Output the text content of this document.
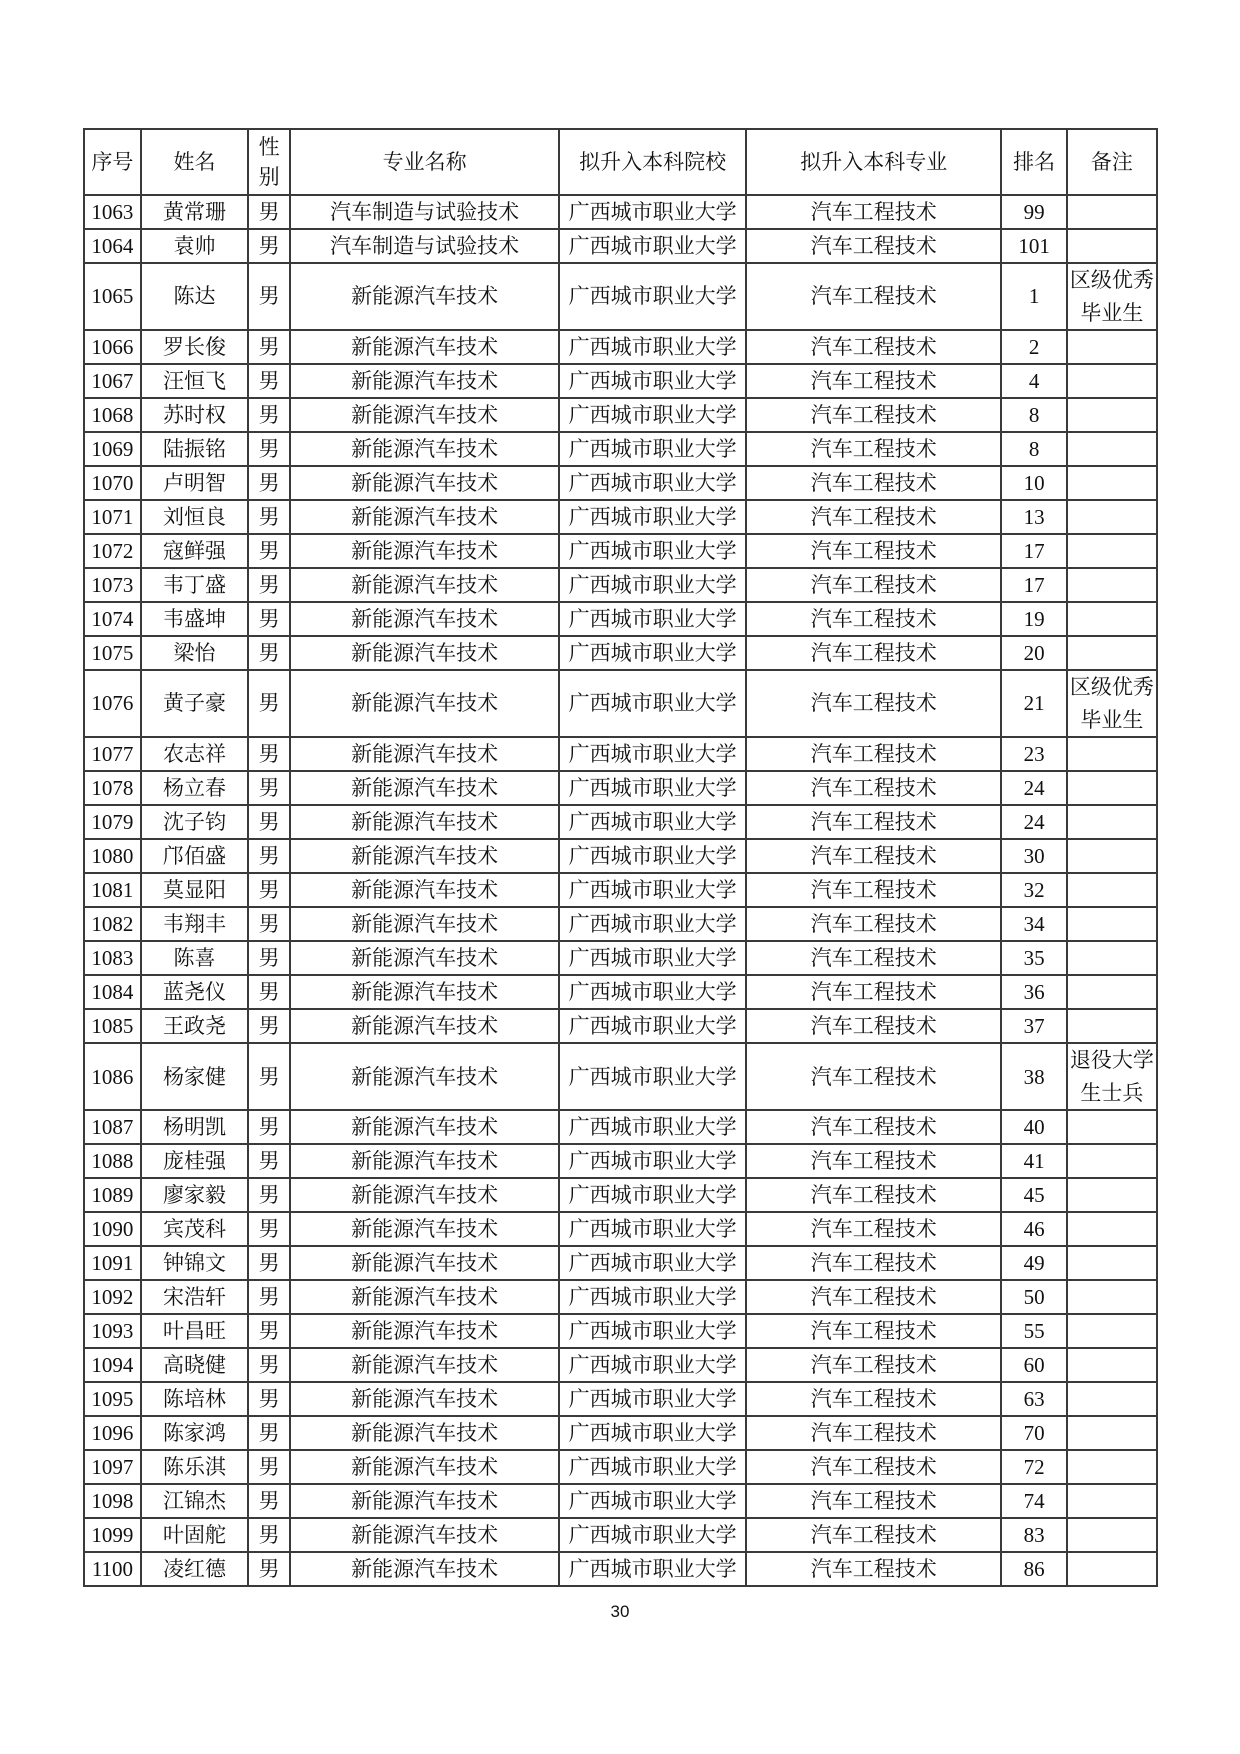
序号	姓名	性别	专业名称	拟升入本科院校	拟升入本科专业	排名	备注
1063	黄常珊	男	汽车制造与试验技术	广西城市职业大学	汽车工程技术	99	
1064	袁帅	男	汽车制造与试验技术	广西城市职业大学	汽车工程技术	101	
1065	陈达	男	新能源汽车技术	广西城市职业大学	汽车工程技术	1	区级优秀毕业生
1066	罗长俊	男	新能源汽车技术	广西城市职业大学	汽车工程技术	2	
1067	汪恒飞	男	新能源汽车技术	广西城市职业大学	汽车工程技术	4	
1068	苏时权	男	新能源汽车技术	广西城市职业大学	汽车工程技术	8	
1069	陆振铭	男	新能源汽车技术	广西城市职业大学	汽车工程技术	8	
1070	卢明智	男	新能源汽车技术	广西城市职业大学	汽车工程技术	10	
1071	刘恒良	男	新能源汽车技术	广西城市职业大学	汽车工程技术	13	
1072	寇鲜强	男	新能源汽车技术	广西城市职业大学	汽车工程技术	17	
1073	韦丁盛	男	新能源汽车技术	广西城市职业大学	汽车工程技术	17	
1074	韦盛坤	男	新能源汽车技术	广西城市职业大学	汽车工程技术	19	
1075	梁怡	男	新能源汽车技术	广西城市职业大学	汽车工程技术	20	
1076	黄子豪	男	新能源汽车技术	广西城市职业大学	汽车工程技术	21	区级优秀毕业生
1077	农志祥	男	新能源汽车技术	广西城市职业大学	汽车工程技术	23	
1078	杨立春	男	新能源汽车技术	广西城市职业大学	汽车工程技术	24	
1079	沈子钧	男	新能源汽车技术	广西城市职业大学	汽车工程技术	24	
1080	邝佰盛	男	新能源汽车技术	广西城市职业大学	汽车工程技术	30	
1081	莫显阳	男	新能源汽车技术	广西城市职业大学	汽车工程技术	32	
1082	韦翔丰	男	新能源汽车技术	广西城市职业大学	汽车工程技术	34	
1083	陈喜	男	新能源汽车技术	广西城市职业大学	汽车工程技术	35	
1084	蓝尧仪	男	新能源汽车技术	广西城市职业大学	汽车工程技术	36	
1085	王政尧	男	新能源汽车技术	广西城市职业大学	汽车工程技术	37	
1086	杨家健	男	新能源汽车技术	广西城市职业大学	汽车工程技术	38	退役大学生士兵
1087	杨明凯	男	新能源汽车技术	广西城市职业大学	汽车工程技术	40	
1088	庞桂强	男	新能源汽车技术	广西城市职业大学	汽车工程技术	41	
1089	廖家毅	男	新能源汽车技术	广西城市职业大学	汽车工程技术	45	
1090	宾茂科	男	新能源汽车技术	广西城市职业大学	汽车工程技术	46	
1091	钟锦文	男	新能源汽车技术	广西城市职业大学	汽车工程技术	49	
1092	宋浩轩	男	新能源汽车技术	广西城市职业大学	汽车工程技术	50	
1093	叶昌旺	男	新能源汽车技术	广西城市职业大学	汽车工程技术	55	
1094	高晓健	男	新能源汽车技术	广西城市职业大学	汽车工程技术	60	
1095	陈培林	男	新能源汽车技术	广西城市职业大学	汽车工程技术	63	
1096	陈家鸿	男	新能源汽车技术	广西城市职业大学	汽车工程技术	70	
1097	陈乐淇	男	新能源汽车技术	广西城市职业大学	汽车工程技术	72	
1098	江锦杰	男	新能源汽车技术	广西城市职业大学	汽车工程技术	74	
1099	叶固舵	男	新能源汽车技术	广西城市职业大学	汽车工程技术	83	
1100	凌红德	男	新能源汽车技术	广西城市职业大学	汽车工程技术	86	
30
